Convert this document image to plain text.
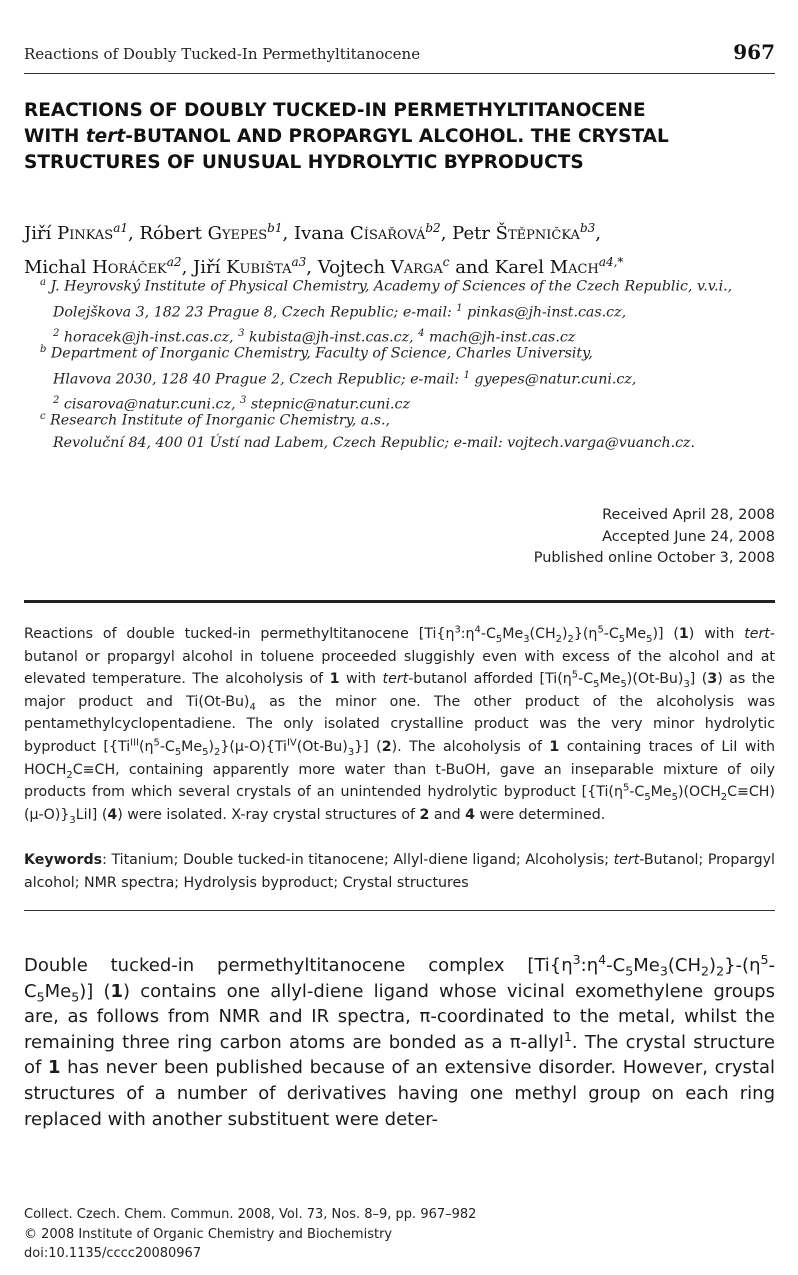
Reactions of Doubly Tucked-In Permethyltitanocene	967
REACTIONS OF DOUBLY TUCKED-IN PERMETHYLTITANOCENE
WITH tert-BUTANOL AND PROPARGYL ALCOHOL. THE CRYSTAL
STRUCTURES OF UNUSUAL HYDROLYTIC BYPRODUCTS
Jiří Pinkas$^{a1}$, Róbert Gyepes$^{b1}$, Ivana Císařová$^{b2}$, Petr Štěpnička$^{b3}$,
Michal Horáček$^{a2}$, Jiří Kubišta$^{a3}$, Vojtech Varga$^c$ and Karel Mach$^{a4,*}$
$^a$ J. Heyrovský Institute of Physical Chemistry, Academy of Sciences of the Czech Republic, v.v.i.,
Dolejškova 3, 182 23 Prague 8, Czech Republic; e-mail: $^1$ pinkas@jh-inst.cas.cz,
$^2$ horacek@jh-inst.cas.cz, $^3$ kubista@jh-inst.cas.cz, $^4$ mach@jh-inst.cas.cz
$^b$ Department of Inorganic Chemistry, Faculty of Science, Charles University,
Hlavova 2030, 128 40 Prague 2, Czech Republic; e-mail: $^1$ gyepes@natur.cuni.cz,
$^2$ cisarova@natur.cuni.cz, $^3$ stepnic@natur.cuni.cz
$^c$ Research Institute of Inorganic Chemistry, a.s.,
Revoluční 84, 400 01 Ústí nad Labem, Czech Republic; e-mail: vojtech.varga@vuanch.cz.
Received April 28, 2008
Accepted June 24, 2008
Published online October 3, 2008
Reactions of double tucked-in permethyltitanocene $[Ti\{\eta^3:\eta^4-C_5Me_3(CH_2)_2\}(\eta^5-C_5Me_5)]$ (1) with tert-butanol or propargyl alcohol in toluene proceeded sluggishly even with excess of the alcohol and at elevated temperature. The alcoholysis of 1 with tert-butanol afforded $[Ti(\eta^5-C_5Me_5)(Ot-Bu)_3]$ (3) as the major product and $Ti(Ot-Bu)_4$ as the minor one. The other product of the alcoholysis was pentamethylcyclopentadiene. The only isolated crystalline product was the very minor hydrolytic byproduct $[\{Ti^{III}(\eta^5-C_5Me_5)_2\}(\mu-O)\{Ti^{IV}(Ot-Bu)_3\}]$ (2). The alcoholysis of 1 containing traces of LiI with $HOCH_2C\equiv CH$, containing apparently more water than t-BuOH, gave an inseparable mixture of oily products from which several crystals of an unintended hydrolytic byproduct $[\{Ti(\eta^5-C_5Me_5)(OCH_2C\equiv CH)(\mu-O)\}_3LiI]$ (4) were isolated. X-ray crystal structures of 2 and 4 were determined.
Keywords: Titanium; Double tucked-in titanocene; Allyl-diene ligand; Alcoholysis; tert-Butanol; Propargyl alcohol; NMR spectra; Hydrolysis byproduct; Crystal structures
Double tucked-in permethyltitanocene complex $[Ti\{\eta^3:\eta^4-C_5Me_3(CH_2)_2\}-(\eta^5-C_5Me_5)]$ (1) contains one allyl-diene ligand whose vicinal exomethylene groups are, as follows from NMR and IR spectra, π-coordinated to the metal, whilst the remaining three ring carbon atoms are bonded as a π-allyl$^1$. The crystal structure of 1 has never been published because of an extensive disorder. However, crystal structures of a number of derivatives having one methyl group on each ring replaced with another substituent were deter-
Collect. Czech. Chem. Commun. 2008, Vol. 73, Nos. 8–9, pp. 967–982
© 2008 Institute of Organic Chemistry and Biochemistry
doi:10.1135/cccc20080967
